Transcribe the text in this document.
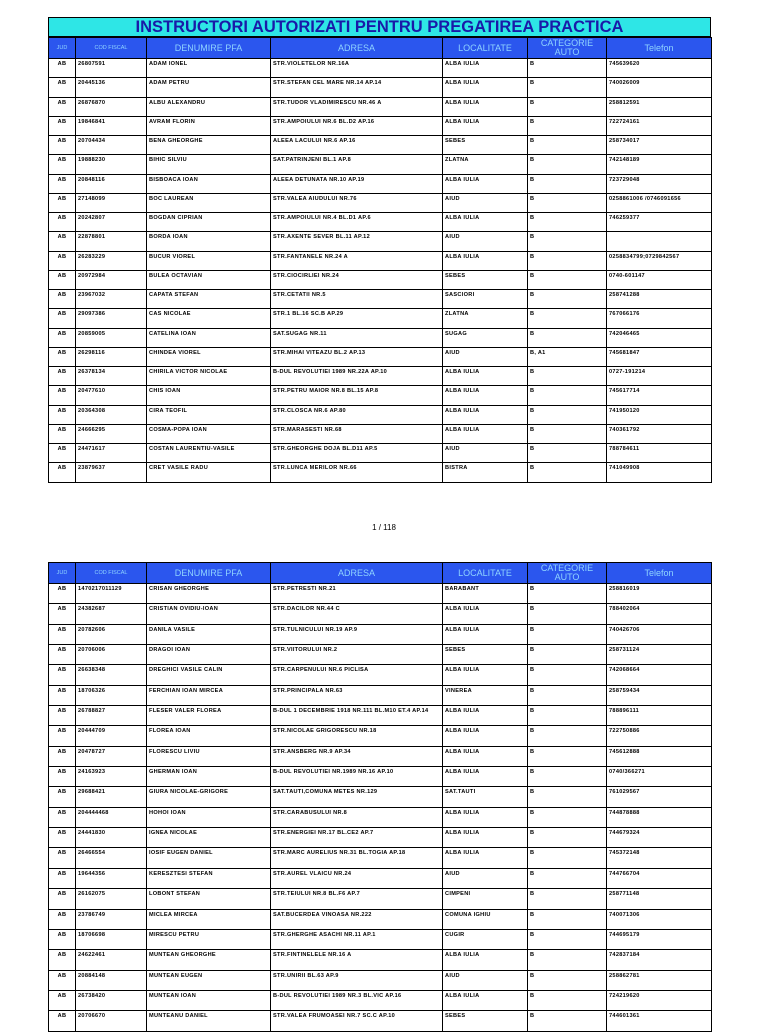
INSTRUCTORI AUTORIZATI PENTRU PREGATIREA PRACTICA
JUD	COD FISCAL	DENUMIRE PFA	ADRESA	LOCALITATE	CATEGORIE AUTO	Telefon
AB	26807591	ADAM IONEL	STR.VIOLETELOR NR.16A	ALBA IULIA	B	745639620
AB	20445136	ADAM PETRU	STR.STEFAN CEL MARE NR.14 AP.14	ALBA IULIA	B	740026009
AB	26876870	ALBU ALEXANDRU	STR.TUDOR VLADIMIRESCU NR.46 A	ALBA IULIA	B	258812591
AB	19846841	AVRAM FLORIN	STR.AMPOIULUI NR.6 BL.D2 AP.16	ALBA IULIA	B	722724161
AB	20704434	BENA GHEORGHE	ALEEA LACULUI NR.6 AP.16	SEBES	B	258734017
AB	19888230	BIHIC SILVIU	SAT.PATRINJENI BL.1 AP.8	ZLATNA	B	742148189
AB	20848116	BISBOACA IOAN	ALEEA DETUNATA NR.10 AP.19	ALBA IULIA	B	723729048
AB	27148099	BOC LAUREAN	STR.VALEA AIUDULUI NR.76	AIUD	B	0258861006 /0746091656
AB	20242807	BOGDAN CIPRIAN	STR.AMPOIULUI NR.4 BL.D1 AP.6	ALBA IULIA	B	746259377
AB	22878801	BORDA IOAN	STR.AXENTE SEVER BL.11 AP.12	AIUD	B	
AB	26283229	BUCUR VIOREL	STR.FANTANELE NR.24 A	ALBA IULIA	B	0258834799;0729842567
AB	20972984	BULEA OCTAVIAN	STR.CIOCIRLIEI NR.24	SEBES	B	0740-601147
AB	23967032	CAPATA STEFAN	STR.CETATII NR.5	SASCIORI	B	258741288
AB	29097386	CAS NICOLAE	STR.1 BL.16 SC.B AP.29	ZLATNA	B	767066176
AB	20859005	CATELINA IOAN	SAT.SUGAG NR.11	SUGAG	B	742046465
AB	26298116	CHINDEA VIOREL	STR.MIHAI VITEAZU BL.2 AP.13	AIUD	B, A1	745681847
AB	26378134	CHIRILA VICTOR NICOLAE	B-DUL REVOLUTIEI 1989 NR.22A AP.10	ALBA IULIA	B	0727-191214
AB	20477610	CHIS IOAN	STR.PETRU MAIOR NR.8 BL.15 AP.8	ALBA IULIA	B	745617714
AB	20364308	CIRA TEOFIL	STR.CLOSCA NR.6 AP.80	ALBA IULIA	B	741950120
AB	24666295	COSMA-POPA IOAN	STR.MARASESTI NR.68	ALBA IULIA	B	740361792
AB	24471617	COSTAN LAURENTIU-VASILE	STR.GHEORGHE DOJA BL.D11 AP.5	AIUD	B	788784611
AB	23879637	CRET VASILE RADU	STR.LUNCA MERILOR NR.66	BISTRA	B	741049908
1 / 118
JUD	COD FISCAL	DENUMIRE PFA	ADRESA	LOCALITATE	CATEGORIE AUTO	Telefon
AB	1470217011129	CRISAN GHEORGHE	STR.PETRESTI NR.21	BARABANT	B	258816019
AB	24382687	CRISTIAN OVIDIU-IOAN	STR.DACILOR NR.44 C	ALBA IULIA	B	788402064
AB	20782606	DANILA VASILE	STR.TULNICULUI NR.19 AP.9	ALBA IULIA	B	740426706
AB	20706006	DRAGOI IOAN	STR.VIITORULUI NR.2	SEBES	B	258731124
AB	26638348	DREGHICI VASILE CALIN	STR.CARPENULUI NR.6 PICLISA	ALBA IULIA	B	742068664
AB	18706326	FERCHIAN IOAN MIRCEA	STR.PRINCIPALA NR.63	VINEREA	B	258759434
AB	26788827	FLESER VALER FLOREA	B-DUL 1 DECEMBRIE 1918 NR.111 BL.M10 ET.4 AP.14	ALBA IULIA	B	788896111
AB	20444709	FLOREA IOAN	STR.NICOLAE GRIGORESCU NR.18	ALBA IULIA	B	722750886
AB	20478727	FLORESCU LIVIU	STR.ANSBERG NR.9 AP.34	ALBA IULIA	B	745612888
AB	24163923	GHERMAN IOAN	B-DUL REVOLUTIEI NR.1989 NR.16 AP.10	ALBA IULIA	B	0740/366271
AB	29688421	GIURA NICOLAE-GRIGORE	SAT.TAUTI,COMUNA METES NR.129	SAT.TAUTI	B	761029567
AB	204444468	HOHOI IOAN	STR.CARABUSULUI NR.8	ALBA IULIA	B	744878888
AB	24441830	IGNEA NICOLAE	STR.ENERGIEI NR.17 BL.CE2 AP.7	ALBA IULIA	B	744679324
AB	26466554	IOSIF EUGEN DANIEL	STR.MARC AURELIUS NR.31 BL.TOGIA AP.18	ALBA IULIA	B	745372148
AB	19644356	KERESZTESI STEFAN	STR.AUREL VLAICU NR.24	AIUD	B	744766704
AB	26162075	LOBONT STEFAN	STR.TEIULUI NR.8 BL.F6 AP.7	CIMPENI	B	258771148
AB	23786749	MICLEA MIRCEA	SAT.BUCERDEA VINOASA NR.222	COMUNA IGHIU	B	740071306
AB	18706698	MIRESCU PETRU	STR.GHERGHE ASACHI NR.11 AP.1	CUGIR	B	744695179
AB	24622461	MUNTEAN GHEORGHE	STR.FINTINELELE NR.16 A	ALBA IULIA	B	742837184
AB	20884148	MUNTEAN EUGEN	STR.UNIRII BL.63 AP.9	AIUD	B	258862781
AB	26738420	MUNTEAN IOAN	B-DUL REVOLUTIEI 1989 NR.3 BL.VIC AP.16	ALBA IULIA	B	724219620
AB	20706670	MUNTEANU DANIEL	STR.VALEA FRUMOASEI NR.7 SC.C AP.10	SEBES	B	744601361
